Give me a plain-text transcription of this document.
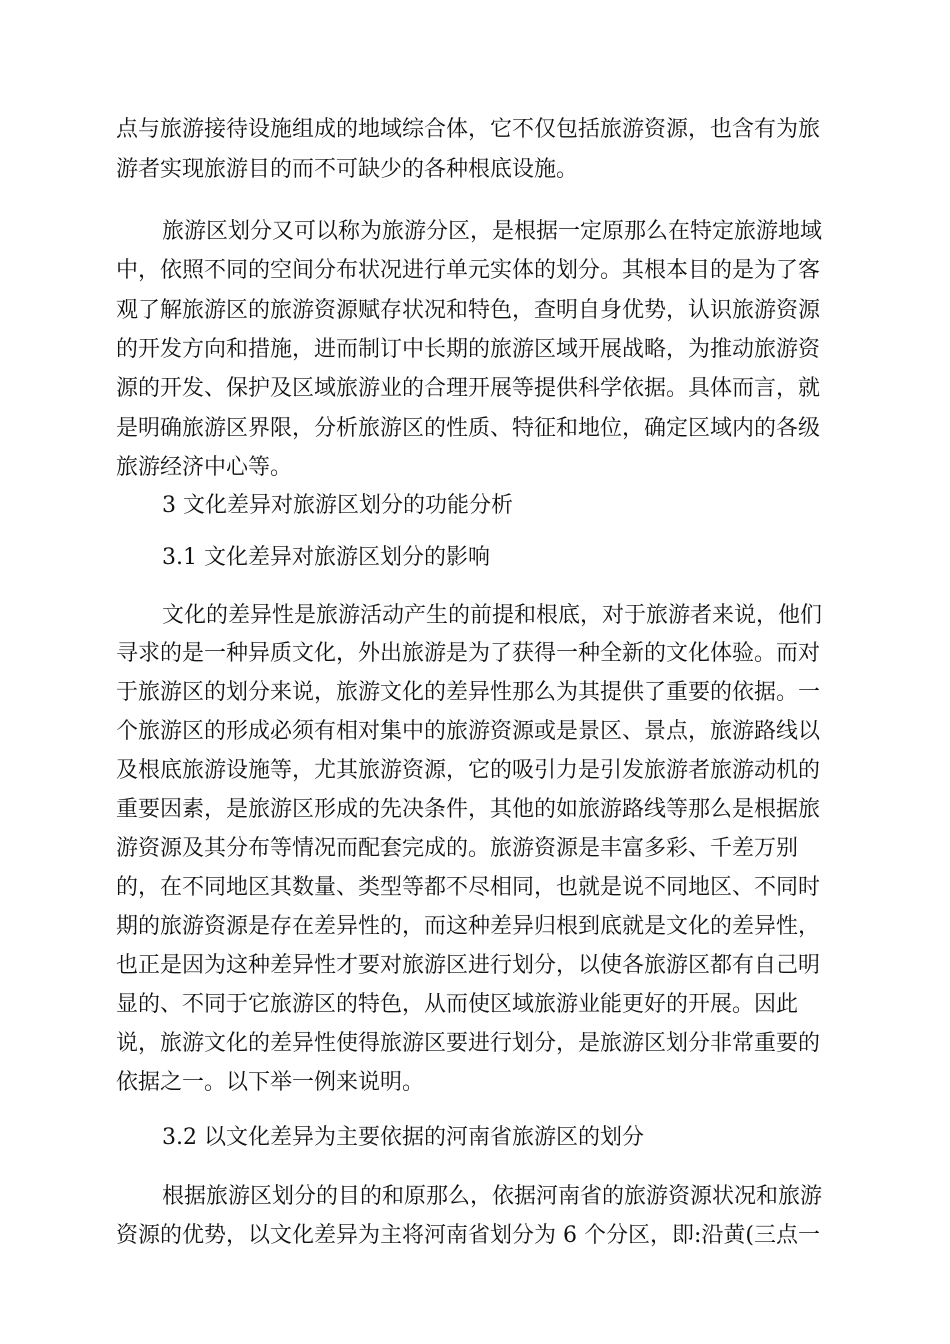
点与旅游接待设施组成的地域综合体，它不仅包括旅游资源，也含有为旅
游者实现旅游目的而不可缺少的各种根底设施。
旅游区划分又可以称为旅游分区，是根据一定原那么在特定旅游地域
中，依照不同的空间分布状况进行单元实体的划分。其根本目的是为了客
观了解旅游区的旅游资源赋存状况和特色，查明自身优势，认识旅游资源
的开发方向和措施，进而制订中长期的旅游区域开展战略，为推动旅游资
源的开发、保护及区域旅游业的合理开展等提供科学依据。具体而言，就
是明确旅游区界限，分析旅游区的性质、特征和地位，确定区域内的各级
旅游经济中心等。
3 文化差异对旅游区划分的功能分析
3.1 文化差异对旅游区划分的影响
文化的差异性是旅游活动产生的前提和根底，对于旅游者来说，他们
寻求的是一种异质文化，外出旅游是为了获得一种全新的文化体验。而对
于旅游区的划分来说，旅游文化的差异性那么为其提供了重要的依据。一
个旅游区的形成必须有相对集中的旅游资源或是景区、景点，旅游路线以
及根底旅游设施等，尤其旅游资源，它的吸引力是引发旅游者旅游动机的
重要因素，是旅游区形成的先决条件，其他的如旅游路线等那么是根据旅
游资源及其分布等情况而配套完成的。旅游资源是丰富多彩、千差万别
的，在不同地区其数量、类型等都不尽相同，也就是说不同地区、不同时
期的旅游资源是存在差异性的，而这种差异归根到底就是文化的差异性，
也正是因为这种差异性才要对旅游区进行划分，以使各旅游区都有自己明
显的、不同于它旅游区的特色，从而使区域旅游业能更好的开展。因此
说，旅游文化的差异性使得旅游区要进行划分，是旅游区划分非常重要的
依据之一。以下举一例来说明。
3.2 以文化差异为主要依据的河南省旅游区的划分
根据旅游区划分的目的和原那么，依据河南省的旅游资源状况和旅游
资源的优势，以文化差异为主将河南省划分为 6 个分区，即:沿黄(三点一
